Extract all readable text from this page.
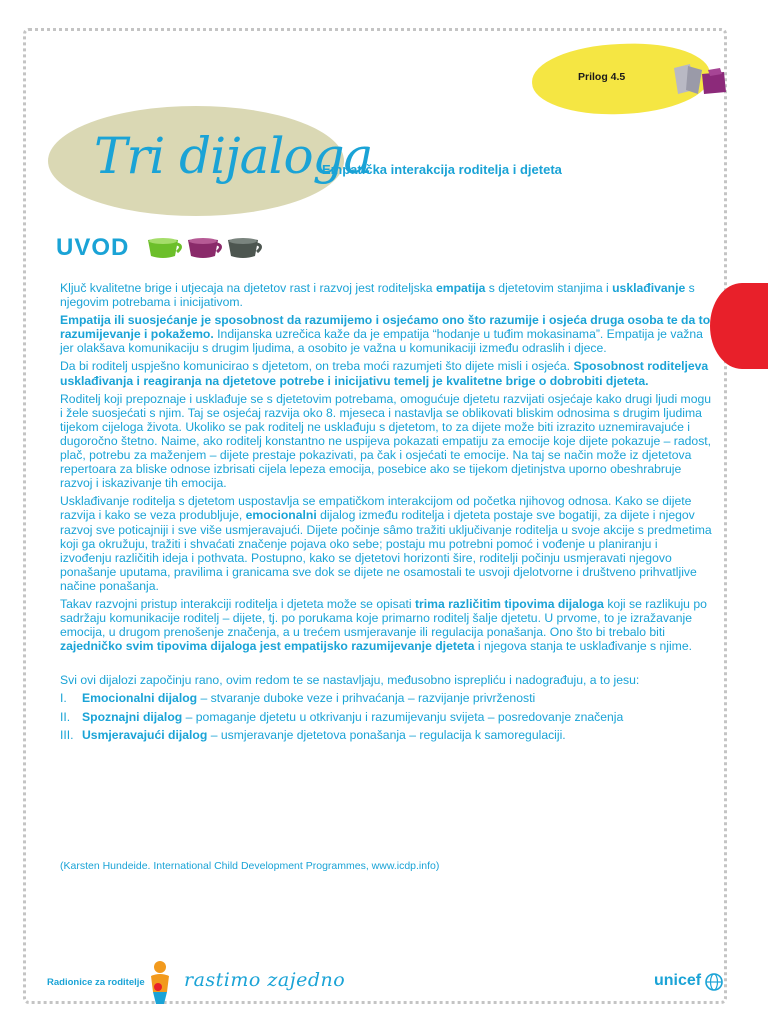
Prilog 4.5
Tri dijaloga
Empatička interakcija roditelja i djeteta
UVOD

Ključ kvalitetne brige i utjecaja na djetetov rast i razvoj jest roditeljska empatija s djetetovim stanjima i usklađivanje s njegovim potrebama i inicijativom.

Empatija ili suosjećanje je sposobnost da razumijemo i osjećamo ono što razumije i osjeća druga osoba te da to razumijevanje i pokažemo. Indijanska uzrečica kaže da je empatija “hodanje u tuđim mokasinama”. Empatija je važna jer olakšava komunikaciju s drugim ljudima, a osobito je važna u komunikaciji između odraslih i djece.

Da bi roditelj uspješno komunicirao s djetetom, on treba moći razumjeti što dijete misli i osjeća. Sposobnost roditeljeva usklađivanja i reagiranja na djetetove potrebe i inicijativu temelj je kvalitetne brige o dobrobiti djeteta.

Roditelj koji prepoznaje i usklađuje se s djetetovim potrebama, omogućuje djetetu razvijati osjećaje kako drugi ljudi mogu i žele suosjećati s njim. Taj se osjećaj razvija oko 8. mjeseca i nastavlja se oblikovati bliskim odnosima s drugim ljudima tijekom cijeloga života. Ukoliko se pak roditelj ne usklađuju s djetetom, to za dijete može biti izrazito uznemiravajuće i dugoročno štetno. Naime, ako roditelj konstantno ne uspijeva pokazati empatiju za emocije koje dijete pokazuje – radost, plač, potrebu za maženjem – dijete prestaje pokazivati, pa čak i osjećati te emocije. Na taj se način može iz djetetova repertoara za bliske odnose izbrisati cijela lepeza emocija, posebice ako se tijekom djetinjstva uporno obeshrabruje razvoj i iskazivanje tih emocija.

Usklađivanje roditelja s djetetom uspostavlja se empatičkom interakcijom od početka njihovog odnosa. Kako se dijete razvija i kako se veza produbljuje, emocionalni dijalog između roditelja i djeteta postaje sve bogatiji, za dijete i njegov razvoj sve poticajniji i sve više usmjeravajući. Dijete počinje sâmo tražiti uključivanje roditelja u svoje akcije s predmetima koji ga okružuju, tražiti i shvaćati značenje pojava oko sebe; postaju mu potrebni pomoć i vođenje u planiranju i izvođenju različitih ideja i pothvata. Postupno, kako se djetetovi horizonti šire, roditelji počinju usmjeravati njegovo ponašanje uputama, pravilima i granicama sve dok se dijete ne osamostali te usvoji djelotvorne i društveno prihvatljive načine ponašanja.

Takav razvojni pristup interakciji roditelja i djeteta može se opisati trima različitim tipovima dijaloga koji se razlikuju po sadržaju komunikacije roditelj – dijete, tj. po porukama koje primarno roditelj šalje djetetu. U prvome, to je izražavanje emocija, u drugom prenošenje značenja, a u trećem usmjeravanje ili regulacija ponašanja. Ono što bi trebalo biti zajedničko svim tipovima dijaloga jest empatijsko razumijevanje djeteta i njegova stanja te usklađivanje s njime.

Svi ovi dijalozi započinju rano, ovim redom te se nastavljaju, međusobno isprepliću i nadograđuju, a to jesu:

I.	Emocionalni dijalog – stvaranje duboke veze i prihvaćanja – razvijanje privrženosti
II. Spoznajni dijalog – pomaganje djetetu u otkrivanju i razumijevanju svijeta – posredovanje značenja
III. Usmjeravajući dijalog – usmjeravanje djetetova ponašanja – regulacija k samoregulaciji.
(Karsten Hundeide. International Child Development Programmes, www.icdp.info)
Radionice za roditelje rastimo zajedno	unicef
